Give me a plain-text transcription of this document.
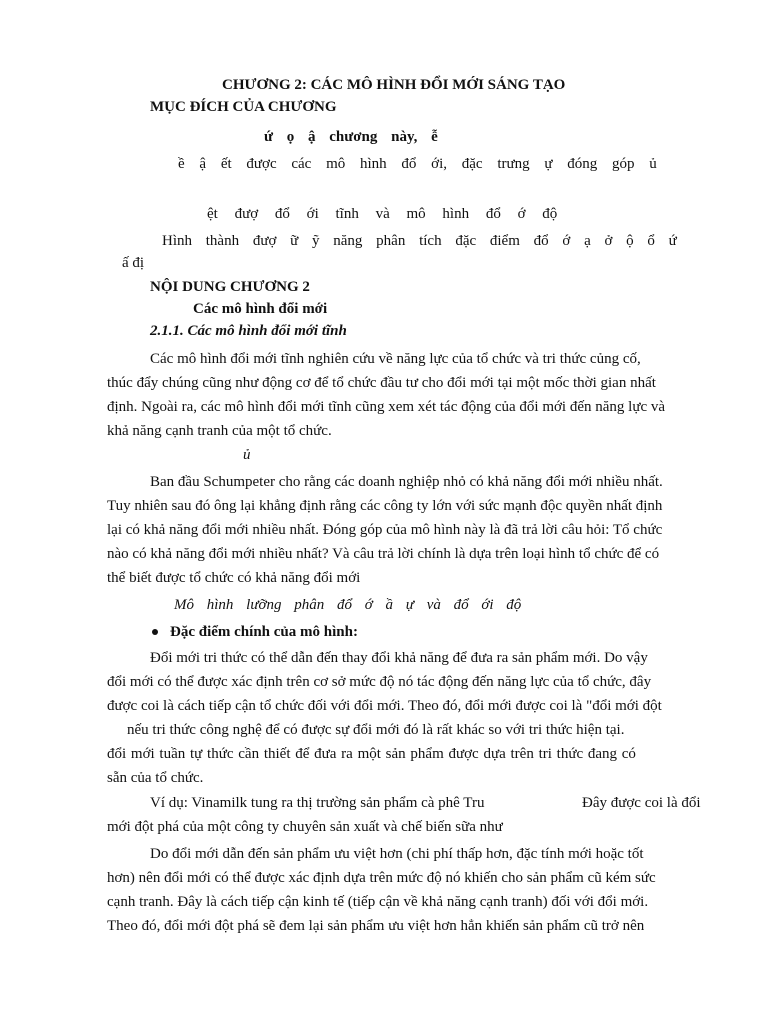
CHƯƠNG 2: CÁC MÔ HÌNH ĐỔI MỚI SÁNG TẠO

MỤC ĐÍCH CỦA CHƯƠNG

ứ ọ ậ chương này, ễ

ề ậ ết được các mô hình đổ ới, đặc trưng ự đóng góp ủ

ệt đượ đổ ới tĩnh và mô hình đổ ớ độ

Hình thành đượ ữ ỹ năng phân tích đặc điểm đổ ớ ạ ở ộ ổ ứ

ấ đị

NỘI DUNG CHƯƠNG 2

Các mô hình đổi mới

2.1.1. Các mô hình đổi mới tĩnh

Các mô hình đổi mới tĩnh nghiên cứu về năng lực của tổ chức và tri thức củng cố,

thúc đẩy chúng cũng như động cơ để tổ chức đầu tư cho đổi mới tại một mốc thời gian nhất

định. Ngoài ra, các mô hình đổi mới tĩnh cũng xem xét tác động của đổi mới đến năng lực và

khả năng cạnh tranh của một tổ chức.

ủ

Ban đầu Schumpeter cho rằng các doanh nghiệp nhỏ có khả năng đổi mới nhiều nhất.

Tuy nhiên sau đó ông lại khẳng định rằng các công ty lớn với sức mạnh độc quyền nhất định

lại có khả năng đổi mới nhiều nhất. Đóng góp của mô hình này là đã trả lời câu hỏi: Tổ chức

nào có khả năng đổi mới nhiều nhất? Và câu trả lời chính là dựa trên loại hình tổ chức để có

thể biết được tổ chức có khả năng đổi mới

Mô hình lưỡng phân đổ ớ ầ ự và đổ ới độ

Đặc điểm chính của mô hình:

Đổi mới tri thức có thể dẫn đến thay đổi khả năng để đưa ra sản phẩm mới. Do vậy

đổi mới có thể được xác định trên cơ sở mức độ nó tác động đến năng lực của tổ chức, đây

được coi là cách tiếp cận tổ chức đối với đổi mới. Theo đó, đổi mới được coi là "đổi mới đột

nếu tri thức công nghệ để có được sự đổi mới đó là rất khác so với tri thức hiện tại.

đổi mới tuần tự thức cần thiết để đưa ra một sản phẩm được dựa trên tri thức đang có

sẵn của tổ chức.

Ví dụ: Vinamilk tung ra thị trường sản phẩm cà phê Tru	Đây được coi là đổi

mới đột phá của một công ty chuyên sản xuất và chế biến sữa như

Do đổi mới dẫn đến sản phẩm ưu việt hơn (chi phí thấp hơn, đặc tính mới hoặc tốt

hơn) nên đổi mới có thể được xác định dựa trên mức độ nó khiến cho sản phẩm cũ kém sức

cạnh tranh. Đây là cách tiếp cận kinh tế (tiếp cận về khả năng cạnh tranh) đối với đổi mới.

Theo đó, đổi mới đột phá sẽ đem lại sản phẩm ưu việt hơn hẳn khiến sản phẩm cũ trở nên
